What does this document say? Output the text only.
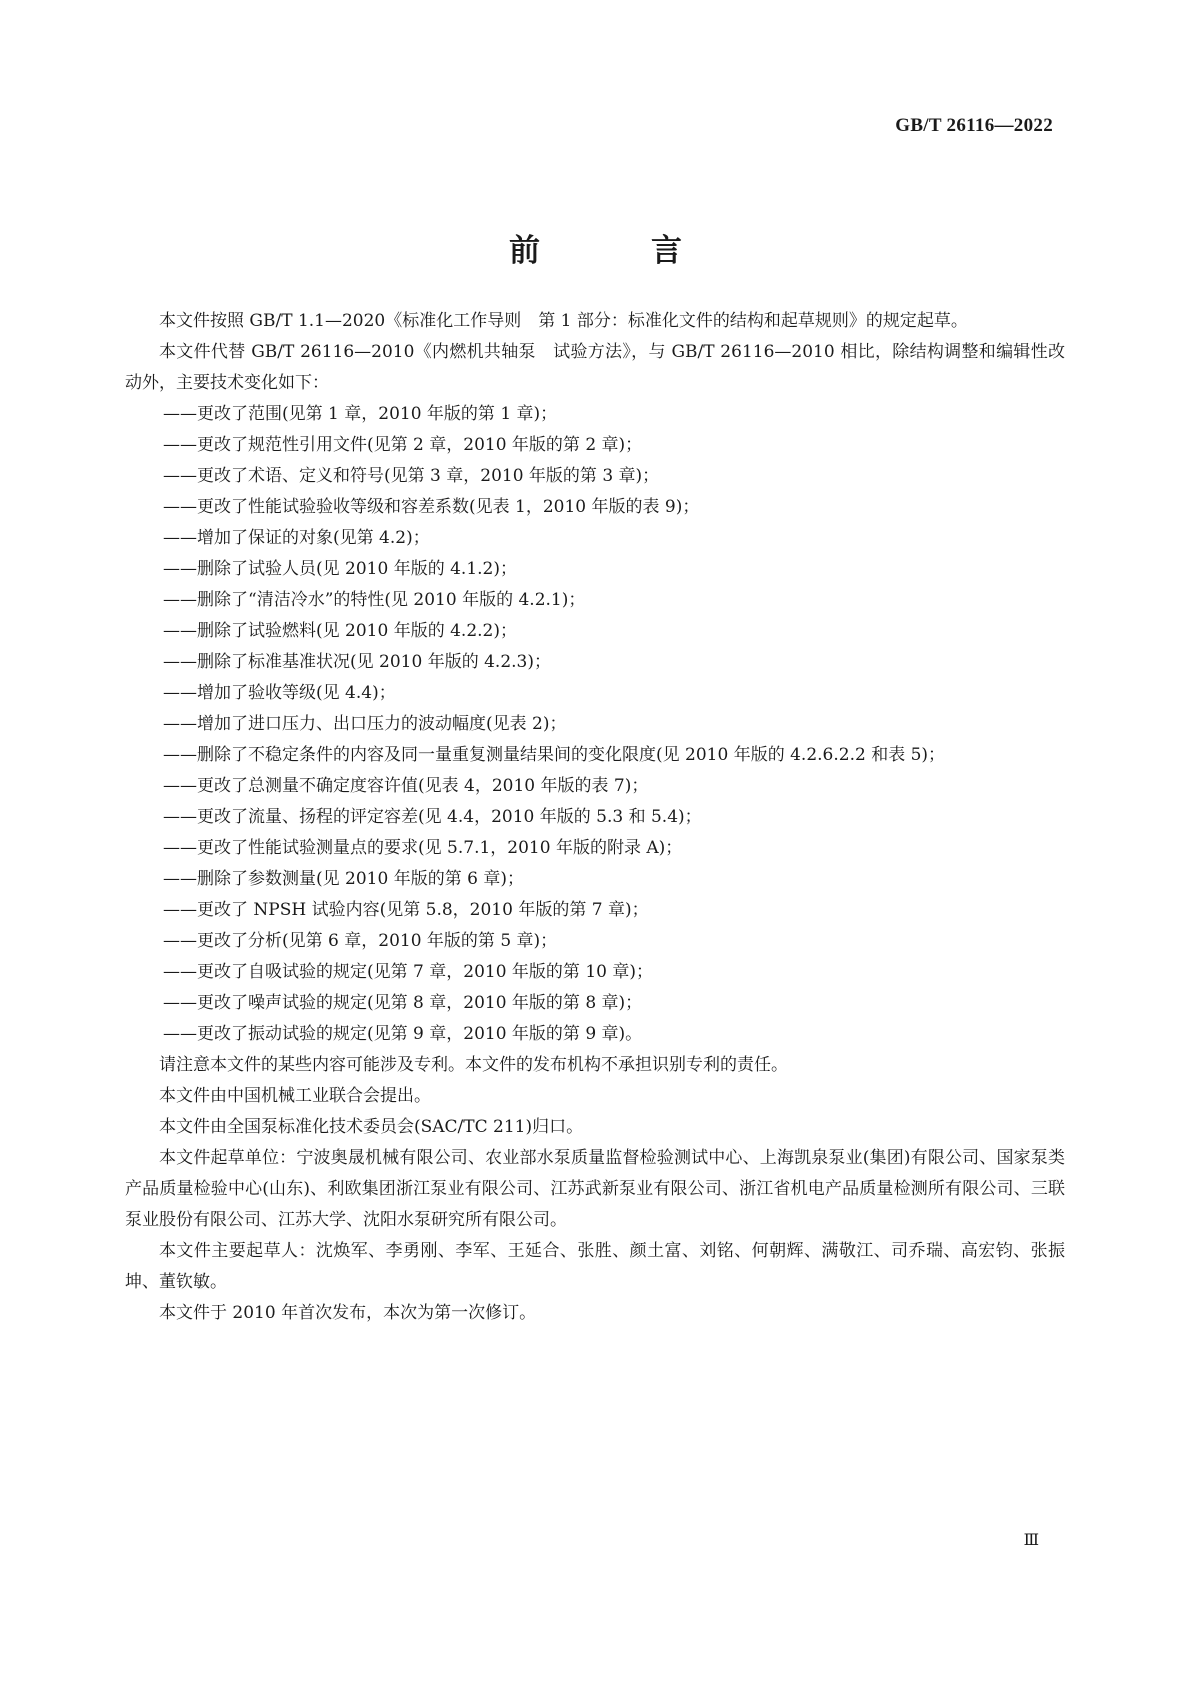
GB/T 26116—2022
前　言

本文件按照 GB/T 1.1—2020《标准化工作导则　第 1 部分：标准化文件的结构和起草规则》的规定起草。

本文件代替 GB/T 26116—2010《内燃机共轴泵　试验方法》，与 GB/T 26116—2010 相比，除结构调整和编辑性改动外，主要技术变化如下：

——更改了范围(见第 1 章，2010 年版的第 1 章)；

——更改了规范性引用文件(见第 2 章，2010 年版的第 2 章)；

——更改了术语、定义和符号(见第 3 章，2010 年版的第 3 章)；

——更改了性能试验验收等级和容差系数(见表 1，2010 年版的表 9)；

——增加了保证的对象(见第 4.2)；

——删除了试验人员(见 2010 年版的 4.1.2)；

——删除了“清洁冷水”的特性(见 2010 年版的 4.2.1)；

——删除了试验燃料(见 2010 年版的 4.2.2)；

——删除了标准基准状况(见 2010 年版的 4.2.3)；

——增加了验收等级(见 4.4)；

——增加了进口压力、出口压力的波动幅度(见表 2)；

——删除了不稳定条件的内容及同一量重复测量结果间的变化限度(见 2010 年版的 4.2.6.2.2 和表 5)；

——更改了总测量不确定度容许值(见表 4，2010 年版的表 7)；

——更改了流量、扬程的评定容差(见 4.4，2010 年版的 5.3 和 5.4)；

——更改了性能试验测量点的要求(见 5.7.1，2010 年版的附录 A)；

——删除了参数测量(见 2010 年版的第 6 章)；

——更改了 NPSH 试验内容(见第 5.8，2010 年版的第 7 章)；

——更改了分析(见第 6 章，2010 年版的第 5 章)；

——更改了自吸试验的规定(见第 7 章，2010 年版的第 10 章)；

——更改了噪声试验的规定(见第 8 章，2010 年版的第 8 章)；

——更改了振动试验的规定(见第 9 章，2010 年版的第 9 章)。

请注意本文件的某些内容可能涉及专利。本文件的发布机构不承担识别专利的责任。

本文件由中国机械工业联合会提出。

本文件由全国泵标准化技术委员会(SAC/TC 211)归口。

本文件起草单位：宁波奥晟机械有限公司、农业部水泵质量监督检验测试中心、上海凯泉泵业(集团)有限公司、国家泵类产品质量检验中心(山东)、利欧集团浙江泵业有限公司、江苏武新泵业有限公司、浙江省机电产品质量检测所有限公司、三联泵业股份有限公司、江苏大学、沈阳水泵研究所有限公司。

本文件主要起草人：沈焕军、李勇刚、李军、王延合、张胜、颜土富、刘铭、何朝辉、满敬江、司乔瑞、高宏钧、张振坤、董钦敏。

本文件于 2010 年首次发布，本次为第一次修订。

Ⅲ
